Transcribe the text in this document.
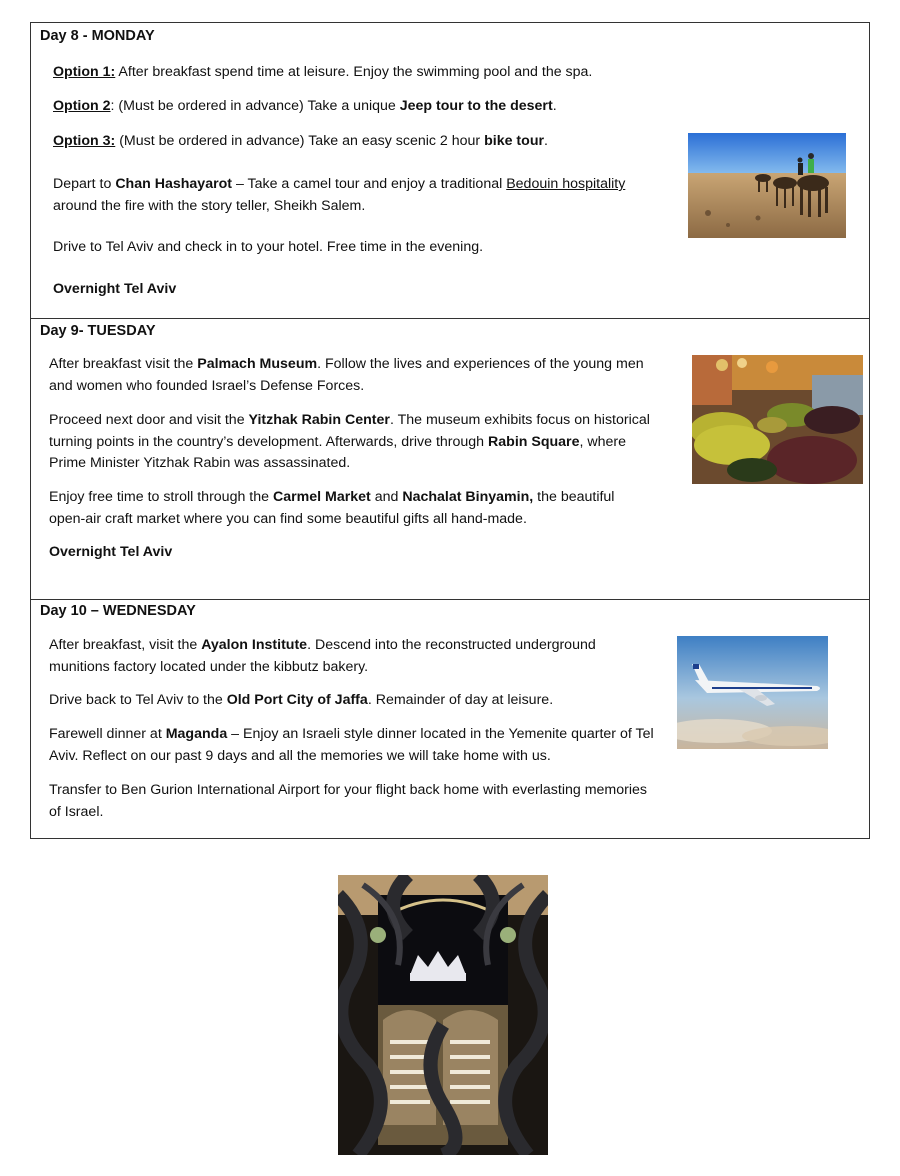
Day 8 - MONDAY
Option 1: After breakfast spend time at leisure. Enjoy the swimming pool and the spa.
Option 2: (Must be ordered in advance) Take a unique Jeep tour to the desert.
Option 3: (Must be ordered in advance) Take an easy scenic 2 hour bike tour.
Depart to Chan Hashayarot – Take a camel tour and enjoy a traditional Bedouin hospitality around the fire with the story teller, Sheikh Salem.
Drive to Tel Aviv and check in to your hotel. Free time in the evening.
Overnight Tel Aviv
Day 9- TUESDAY
After breakfast visit the Palmach Museum. Follow the lives and experiences of the young men and women who founded Israel’s Defense Forces.
Proceed next door and visit the Yitzhak Rabin Center. The museum exhibits focus on historical turning points in the country’s development. Afterwards, drive through Rabin Square, where Prime Minister Yitzhak Rabin was assassinated.
Enjoy free time to stroll through the Carmel Market and Nachalat Binyamin, the beautiful open-air craft market where you can find some beautiful gifts all hand-made.
Overnight Tel Aviv
Day 10 – WEDNESDAY
After breakfast, visit the Ayalon Institute. Descend into the reconstructed underground munitions factory located under the kibbutz bakery.
Drive back to Tel Aviv to the Old Port City of Jaffa. Remainder of day at leisure.
Farewell dinner at Maganda – Enjoy an Israeli style dinner located in the Yemenite quarter of Tel Aviv. Reflect on our past 9 days and all the memories we will take home with us.
Transfer to Ben Gurion International Airport for your flight back home with everlasting memories of Israel.
